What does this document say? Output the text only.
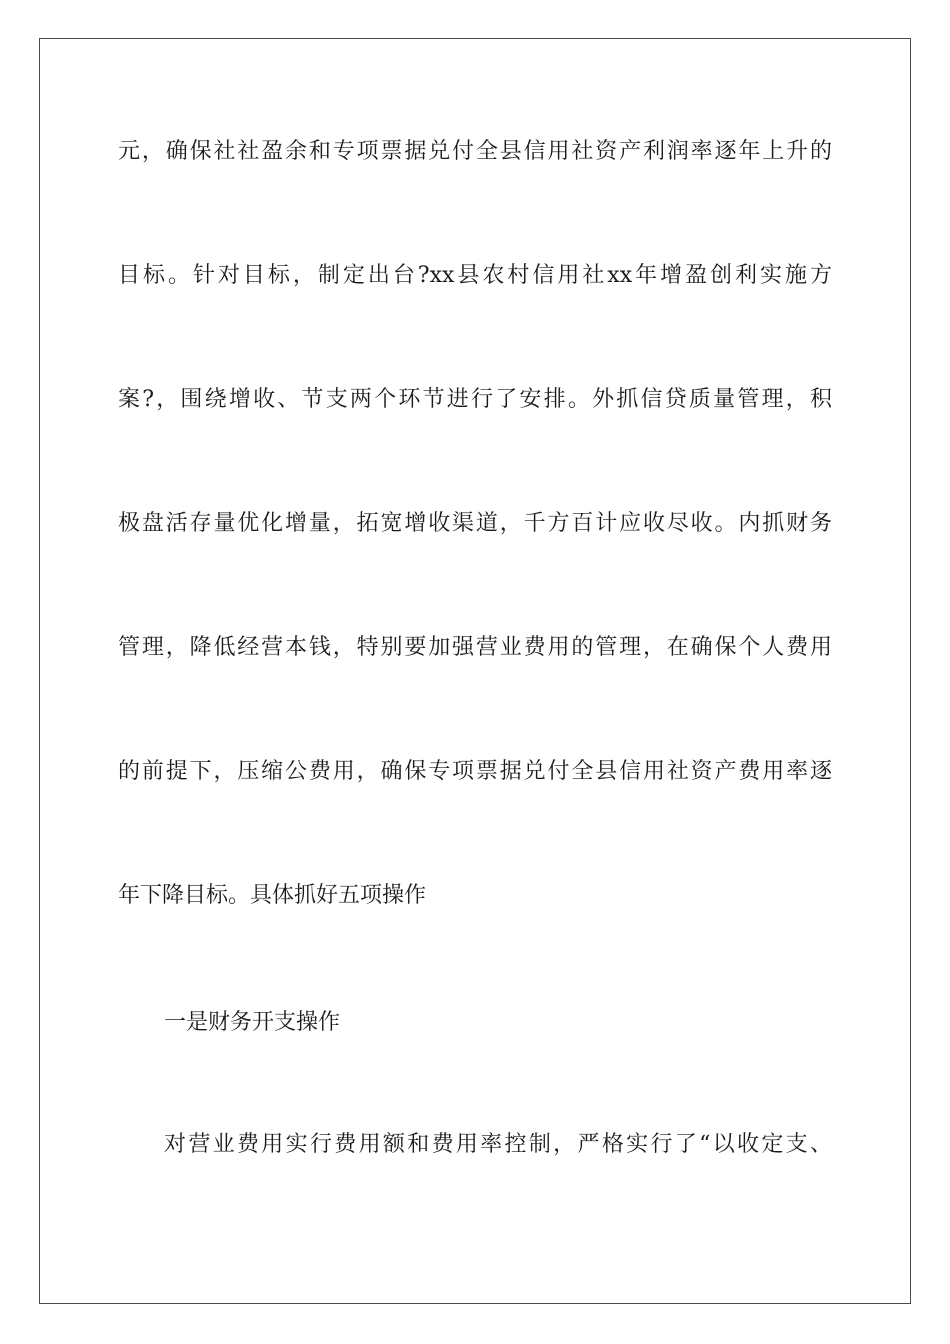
元，确保社社盈余和专项票据兑付全县信用社资产利润率逐年上升的
目标。针对目标，制定出台?xx县农村信用社xx年增盈创利实施方
案?，围绕增收、节支两个环节进行了安排。外抓信贷质量管理，积
极盘活存量优化增量，拓宽增收渠道，千方百计应收尽收。内抓财务
管理，降低经营本钱，特别要加强营业费用的管理，在确保个人费用
的前提下，压缩公费用，确保专项票据兑付全县信用社资产费用率逐
年下降目标。具体抓好五项操作
一是财务开支操作
对营业费用实行费用额和费用率控制，严格实行了“以收定支、
